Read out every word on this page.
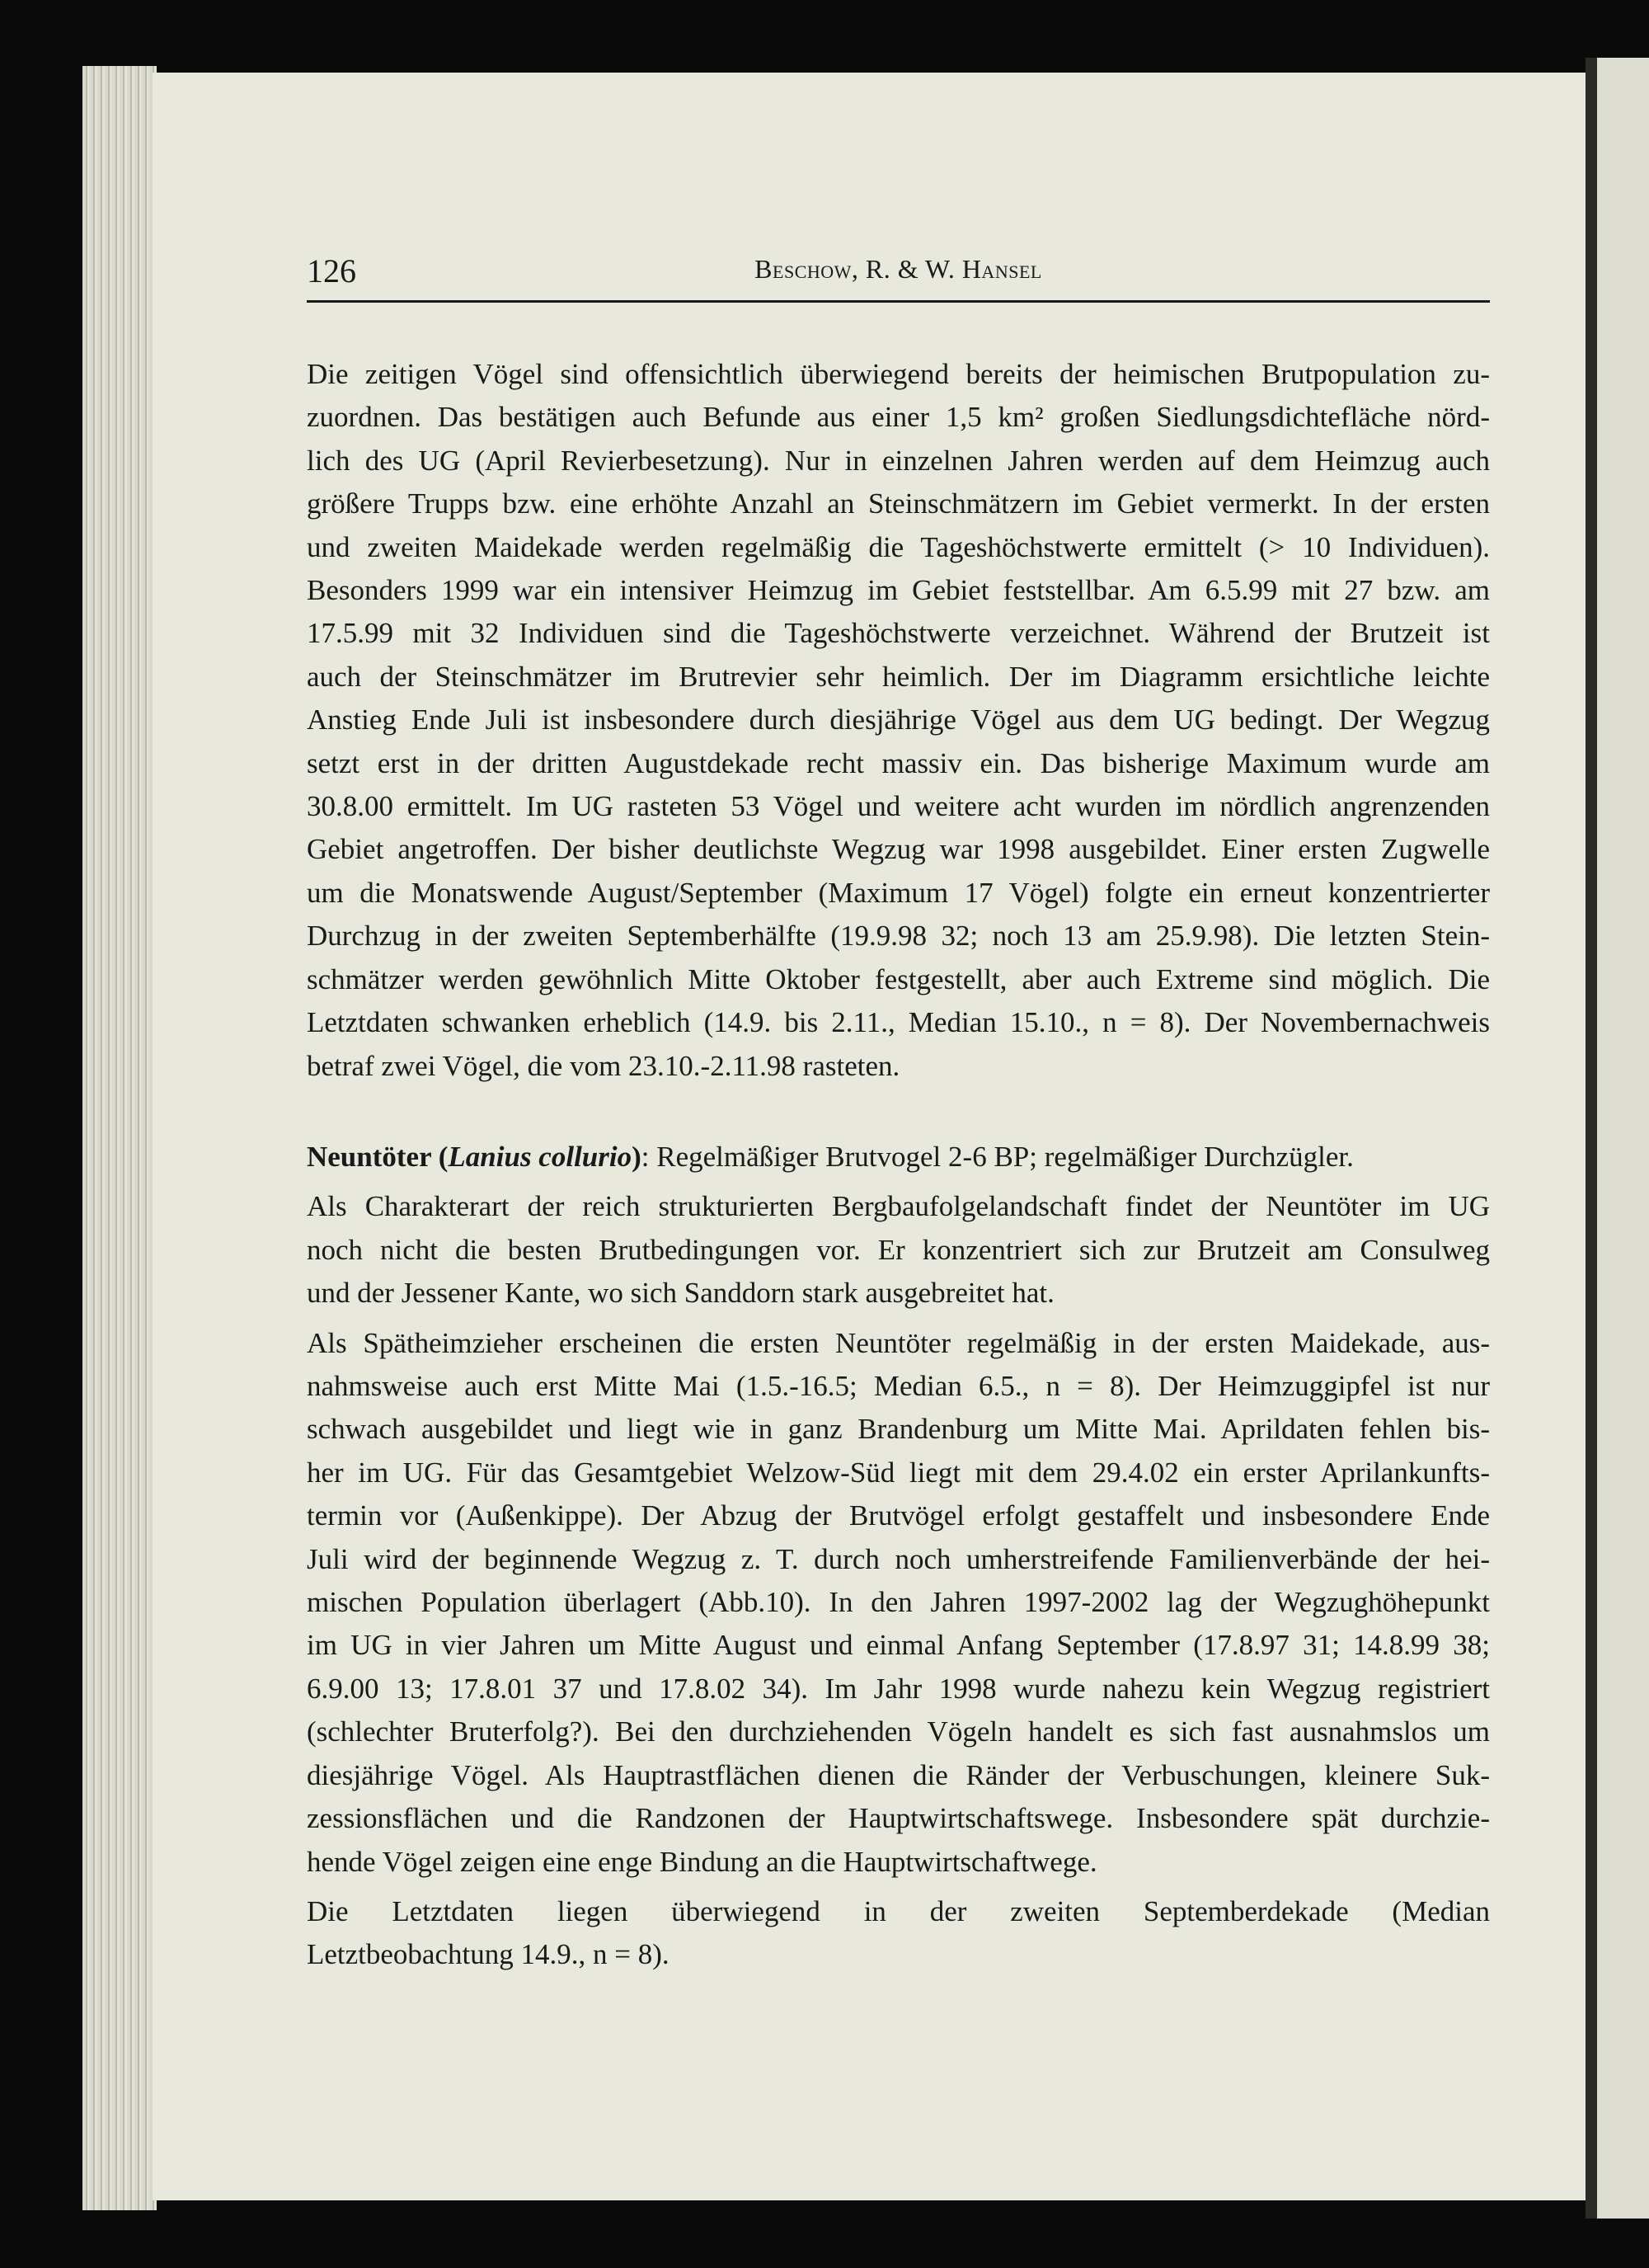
126	Beschow, R. & W. Hansel
Die zeitigen Vögel sind offensichtlich überwiegend bereits der heimischen Brutpopulation zu-
zuordnen. Das bestätigen auch Befunde aus einer 1,5 km² großen Siedlungsdichtefläche nörd-
lich des UG (April Revierbesetzung). Nur in einzelnen Jahren werden auf dem Heimzug auch
größere Trupps bzw. eine erhöhte Anzahl an Steinschmätzern im Gebiet vermerkt. In der ersten
und zweiten Maidekade werden regelmäßig die Tageshöchstwerte ermittelt (> 10 Individuen).
Besonders 1999 war ein intensiver Heimzug im Gebiet feststellbar. Am 6.5.99 mit 27 bzw. am
17.5.99 mit 32 Individuen sind die Tageshöchstwerte verzeichnet. Während der Brutzeit ist
auch der Steinschmätzer im Brutrevier sehr heimlich. Der im Diagramm ersichtliche leichte
Anstieg Ende Juli ist insbesondere durch diesjährige Vögel aus dem UG bedingt. Der Wegzug
setzt erst in der dritten Augustdekade recht massiv ein. Das bisherige Maximum wurde am
30.8.00 ermittelt. Im UG rasteten 53 Vögel und weitere acht wurden im nördlich angrenzenden
Gebiet angetroffen. Der bisher deutlichste Wegzug war 1998 ausgebildet. Einer ersten Zugwelle
um die Monatswende August/September (Maximum 17 Vögel) folgte ein erneut konzentrierter
Durchzug in der zweiten Septemberhälfte (19.9.98 32; noch 13 am 25.9.98). Die letzten Stein-
schmätzer werden gewöhnlich Mitte Oktober festgestellt, aber auch Extreme sind möglich. Die
Letztdaten schwanken erheblich (14.9. bis 2.11., Median 15.10., n = 8). Der Novembernachweis
betraf zwei Vögel, die vom 23.10.-2.11.98 rasteten.
Neuntöter (Lanius collurio): Regelmäßiger Brutvogel 2-6 BP; regelmäßiger Durchzügler.
Als Charakterart der reich strukturierten Bergbaufolgelandschaft findet der Neuntöter im UG
noch nicht die besten Brutbedingungen vor. Er konzentriert sich zur Brutzeit am Consulweg
und der Jessener Kante, wo sich Sanddorn stark ausgebreitet hat.
Als Spätheimzieher erscheinen die ersten Neuntöter regelmäßig in der ersten Maidekade, aus-
nahmsweise auch erst Mitte Mai (1.5.-16.5; Median 6.5., n = 8). Der Heimzuggipfel ist nur
schwach ausgebildet und liegt wie in ganz Brandenburg um Mitte Mai. Aprildaten fehlen bis-
her im UG. Für das Gesamtgebiet Welzow-Süd liegt mit dem 29.4.02 ein erster Aprilankunfts-
termin vor (Außenkippe). Der Abzug der Brutvögel erfolgt gestaffelt und insbesondere Ende
Juli wird der beginnende Wegzug z. T. durch noch umherstreifende Familienverbände der hei-
mischen Population überlagert (Abb.10). In den Jahren 1997-2002 lag der Wegzughöhepunkt
im UG in vier Jahren um Mitte August und einmal Anfang September (17.8.97 31; 14.8.99 38;
6.9.00 13; 17.8.01 37 und 17.8.02 34). Im Jahr 1998 wurde nahezu kein Wegzug registriert
(schlechter Bruterfolg?). Bei den durchziehenden Vögeln handelt es sich fast ausnahmslos um
diesjährige Vögel. Als Hauptrastflächen dienen die Ränder der Verbuschungen, kleinere Suk-
zessionsflächen und die Randzonen der Hauptwirtschaftswege. Insbesondere spät durchzie-
hende Vögel zeigen eine enge Bindung an die Hauptwirtschaftwege.
Die Letztdaten liegen überwiegend in der zweiten Septemberdekade (Median
Letztbeobachtung 14.9., n = 8).
